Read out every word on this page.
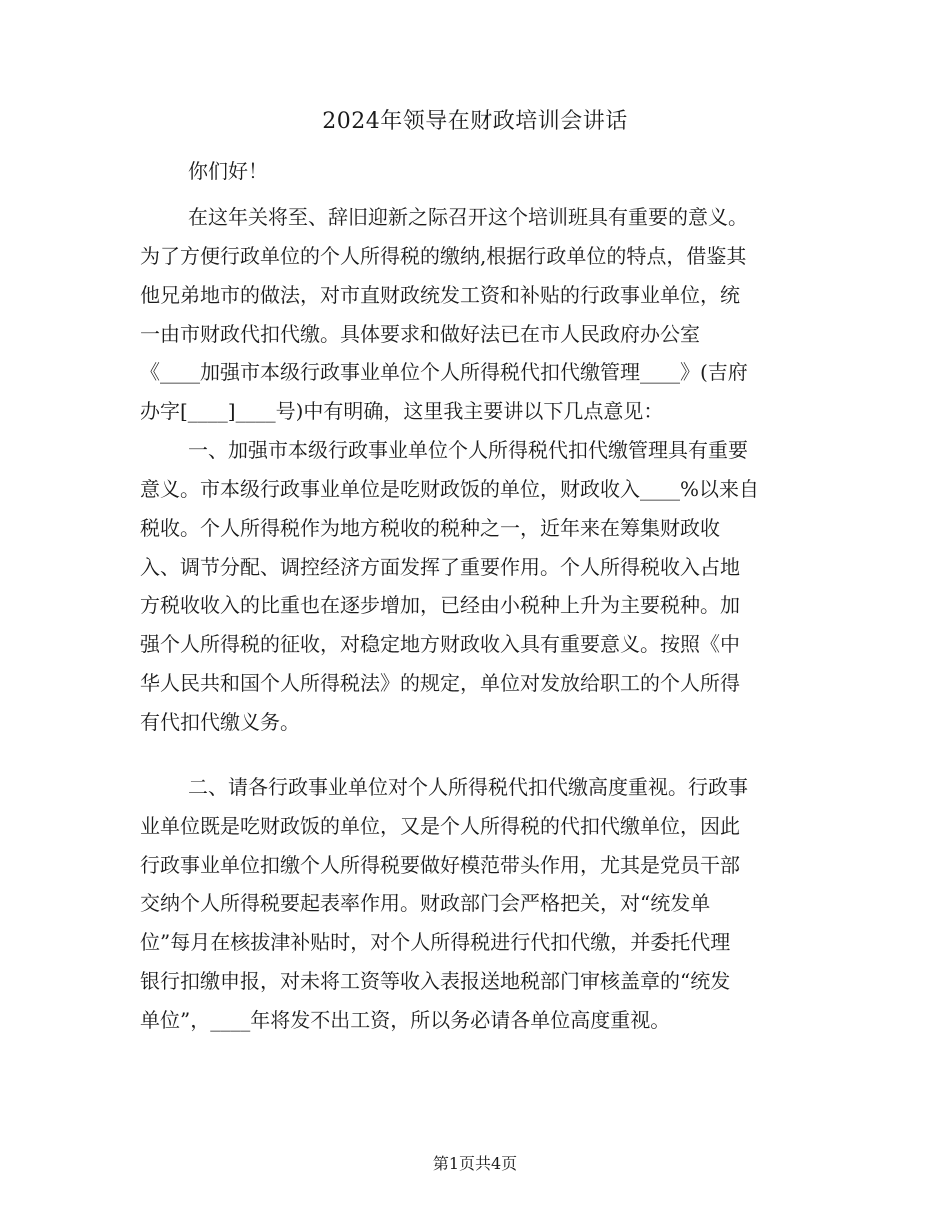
2024年领导在财政培训会讲话
你们好！
在这年关将至、辞旧迎新之际召开这个培训班具有重要的意义。
为了方便行政单位的个人所得税的缴纳,根据行政单位的特点，借鉴其
他兄弟地市的做法，对市直财政统发工资和补贴的行政事业单位，统
一由市财政代扣代缴。具体要求和做好法已在市人民政府办公室
《____加强市本级行政事业单位个人所得税代扣代缴管理____》(吉府
办字[____]____号)中有明确，这里我主要讲以下几点意见：
一、加强市本级行政事业单位个人所得税代扣代缴管理具有重要
意义。市本级行政事业单位是吃财政饭的单位，财政收入____%以来自
税收。个人所得税作为地方税收的税种之一，近年来在筹集财政收
入、调节分配、调控经济方面发挥了重要作用。个人所得税收入占地
方税收收入的比重也在逐步增加，已经由小税种上升为主要税种。加
强个人所得税的征收，对稳定地方财政收入具有重要意义。按照《中
华人民共和国个人所得税法》的规定，单位对发放给职工的个人所得
有代扣代缴义务。
二、请各行政事业单位对个人所得税代扣代缴高度重视。行政事
业单位既是吃财政饭的单位，又是个人所得税的代扣代缴单位，因此
行政事业单位扣缴个人所得税要做好模范带头作用，尤其是党员干部
交纳个人所得税要起表率作用。财政部门会严格把关，对“统发单
位”每月在核拔津补贴时，对个人所得税进行代扣代缴，并委托代理
银行扣缴申报，对未将工资等收入表报送地税部门审核盖章的“统发
单位”，____年将发不出工资，所以务必请各单位高度重视。
第1页共4页
